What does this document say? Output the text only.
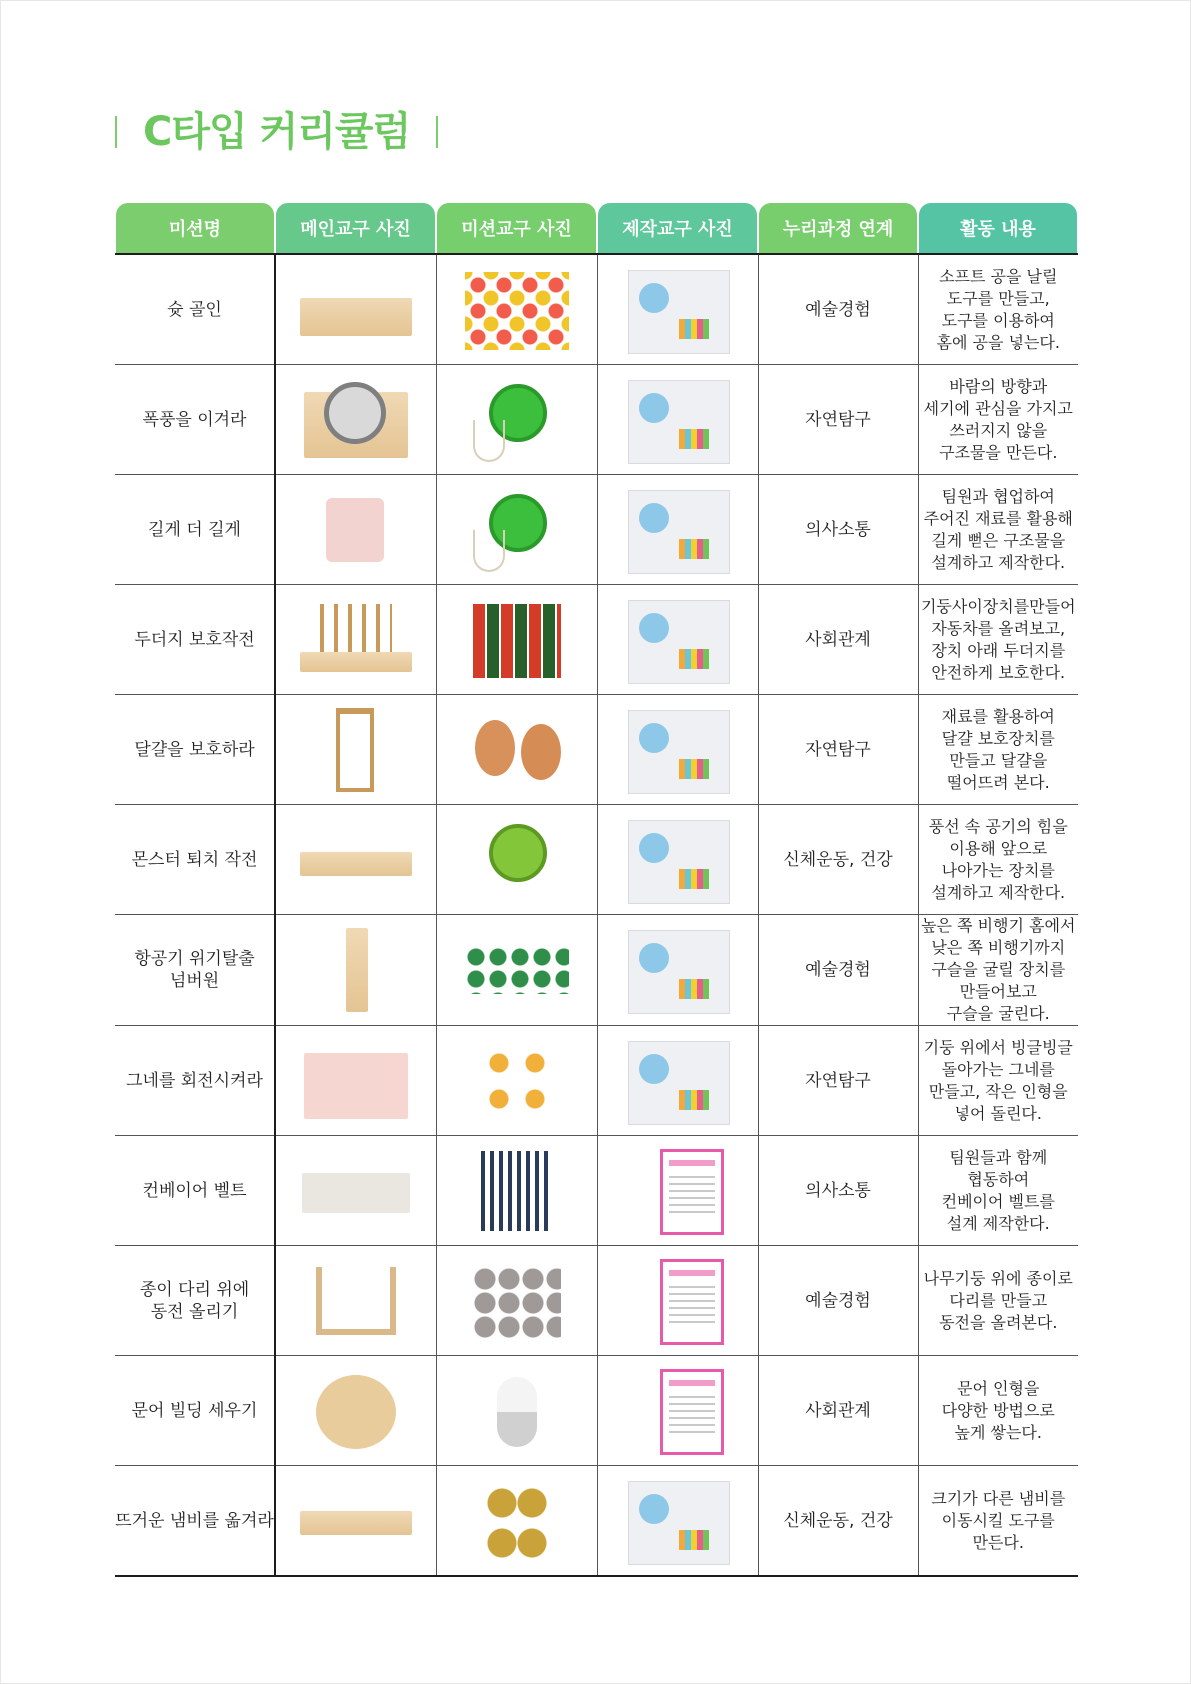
C타입 커리큘럼
미션명	메인교구 사진	미션교구 사진	제작교구 사진	누리과정 연계	활동 내용

슛 골인				예술경험	소프트 공을 날릴
도구를 만들고,
도구를 이용하여
홈에 공을 넣는다.
폭풍을 이겨라				자연탐구	바람의 방향과
세기에 관심을 가지고
쓰러지지 않을
구조물을 만든다.
길게 더 길게				의사소통	팀원과 협업하여
주어진 재료를 활용해
길게 뻗은 구조물을
설계하고 제작한다.
두더지 보호작전				사회관계	기둥사이장치를만들어
자동차를 올려보고,
장치 아래 두더지를
안전하게 보호한다.
달걀을 보호하라				자연탐구	재료를 활용하여
달걀 보호장치를
만들고 달걀을
떨어뜨려 본다.
몬스터 퇴치 작전				신체운동, 건강	풍선 속 공기의 힘을
이용해 앞으로
나아가는 장치를
설계하고 제작한다.
항공기 위기탈출
넘버원				예술경험	높은 쪽 비행기 홈에서
낮은 쪽 비행기까지
구슬을 굴릴 장치를
만들어보고
구슬을 굴린다.
그네를 회전시켜라				자연탐구	기둥 위에서 빙글빙글
돌아가는 그네를
만들고, 작은 인형을
넣어 돌린다.
컨베이어 벨트				의사소통	팀원들과 함께
협동하여
컨베이어 벨트를
설계 제작한다.
종이 다리 위에
동전 올리기				예술경험	나무기둥 위에 종이로
다리를 만들고
동전을 올려본다.
문어 빌딩 세우기				사회관계	문어 인형을
다양한 방법으로
높게 쌓는다.
뜨거운 냄비를 옮겨라				신체운동, 건강	크기가 다른 냄비를
이동시킬 도구를
만든다.
